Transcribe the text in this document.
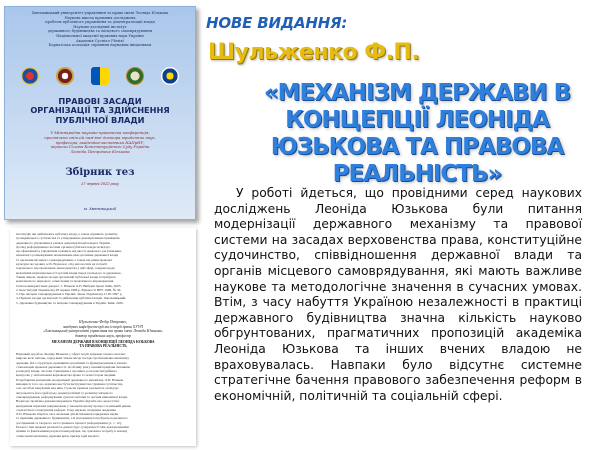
Хмельницький університет управління та права імені Леоніда Юзькова
Наукова школа правових досліджень
проблем публічного управління та децентралізації влади
Науково-дослідний інститут
державного будівництва та місцевого самоврядування
Національної академії правових наук України
Академія Суспілл (Чехія)
Карпатська асоціація сприяння науковим ініціативам
ПРАВОВІ ЗАСАДИ
ОРГАНІЗАЦІЇ ТА ЗДІЙСНЕННЯ
ПУБЛІЧНОЇ ВЛАДИ
V Міжнародна науково-практична конференція,
присвячена світлій пам'яті доктора юридичних наук,
професора, академіка-засновника НАПрНУ,
першого Голови Конституційного Суду України
Леоніда Петровича Юзькова
Збірник тез
17 червня 2022 року
м. Хмельницький
інституції, які здійснюють публічну владу, а також сприяють розвитку
громадянського суспільства та утвердженню демократичних принципів
державного управління в умовах децентралізації влади в Україні.
Досвід реформування системи органів публічної влади засвідчує,
що ефективність управління залежить від якості правового регулювання,
належного розмежування повноважень між органами державної влади
та органами місцевого самоврядування, а також від рівня правової
культури посадових осіб. Водночас слід наголосити на потребі
подальшого вдосконалення законодавства у цій сфері, зокрема щодо
механізмів відповідальності органів влади перед громадою та державою.
Таким чином, правові засади організації публічної влади потребують
комплексного наукового осмислення та практичного впровадження.
Список використаних джерел: 1. Юзьков Л.П. Вибрані праці. Київ, 2005.
2. Конституція України від 28 червня 1996 р. Відомості ВРУ. 1996. № 30.
3. Про місцеве самоврядування в Україні: Закон України від 21.05.1997 р.
4. Правові засади організації та здійснення публічної влади. Хмельницький.
5. Державне будівництво та місцеве самоврядування в Україні. Київ, 2020.
Шульженко Федір Петрович,
завідувач кафедри теорії та історії права ХУУП
«Хмельницький університет управління та права імені Леоніда Юзькова»
доктор юридичних наук, професор
МЕХАНІЗМ ДЕРЖАВИ В КОНЦЕПЦІЇ ЛЕОНІДА ЮЗЬКОВА
ТА ПРАВОВА РЕАЛЬНІСТЬ
Науковий доробок Леоніда Юзькова у сфері теорії держави і права охоплює
широке коло питань, серед яких чільне місце посідає проблематика механізму
держави, його структури, принципів організації та функціонування в умовах
становлення правової державності. Особливу увагу вчений приділяв питанням
розподілу влади, системі стримувань і противаг, ролі конституційного
контролю у забезпеченні верховенства права та захисті прав людини.
Розробляючи концепцію модернізації державного механізму, Л.П. Юзьков
виходив із того, що держава має бути інструментом служіння суспільству,
а не засобом панування над ним. Сучасна правова реальність засвідчує
актуальність його ідей щодо децентралізації та розвитку місцевого
самоврядування, реформування судової системи та органів виконавчої влади.
Водночас практика державотворення в Україні свідчить про недостатнє
врахування наукових напрацювань у законотворчому процесі та низький рівень
стратегічного планування реформ. Тому наукова спадщина академіка
Л.П. Юзькова зберігає своє значення для вітчизняної юридичної науки
та практики державного будівництва, а її положення потребують подальшого
дослідження та творчого застосування в процесі реформування [1, с. 12].
Разом із тим правова реальність демонструє суперечності між декларованими
цілями та фактичними результатами реформ, що зумовлює потребу в новому
осмисленні механізму держави крізь призму ідей вченого.
НОВЕ ВИДАННЯ:
Шульженко Ф.П.
«МЕХАНІЗМ ДЕРЖАВИ В КОНЦЕПЦІЇ ЛЕОНІДА ЮЗЬКОВА ТА ПРАВОВА РЕАЛЬНІСТЬ»

У роботі йдеться, що провідними серед наукових досліджень Леоніда Юзькова були питання модернізації державного механізму та правової системи на засадах верховенства права, конституційне судочинство, співвідношення державної влади та органів місцевого самоврядування, які мають важливе наукове та методологічне значення в сучасних умовах. Втім, з часу набуття Україною незалежності в практиці державного будівництва значна кількість науково обгрунтованих, прагматичних пропозицій академіка Леоніда Юзькова та інших вчених владою не враховувалась. Навпаки було відсутнє системне стратегічне бачення правового забезпечення реформ в економічній, політичній та соціальній сфері.
